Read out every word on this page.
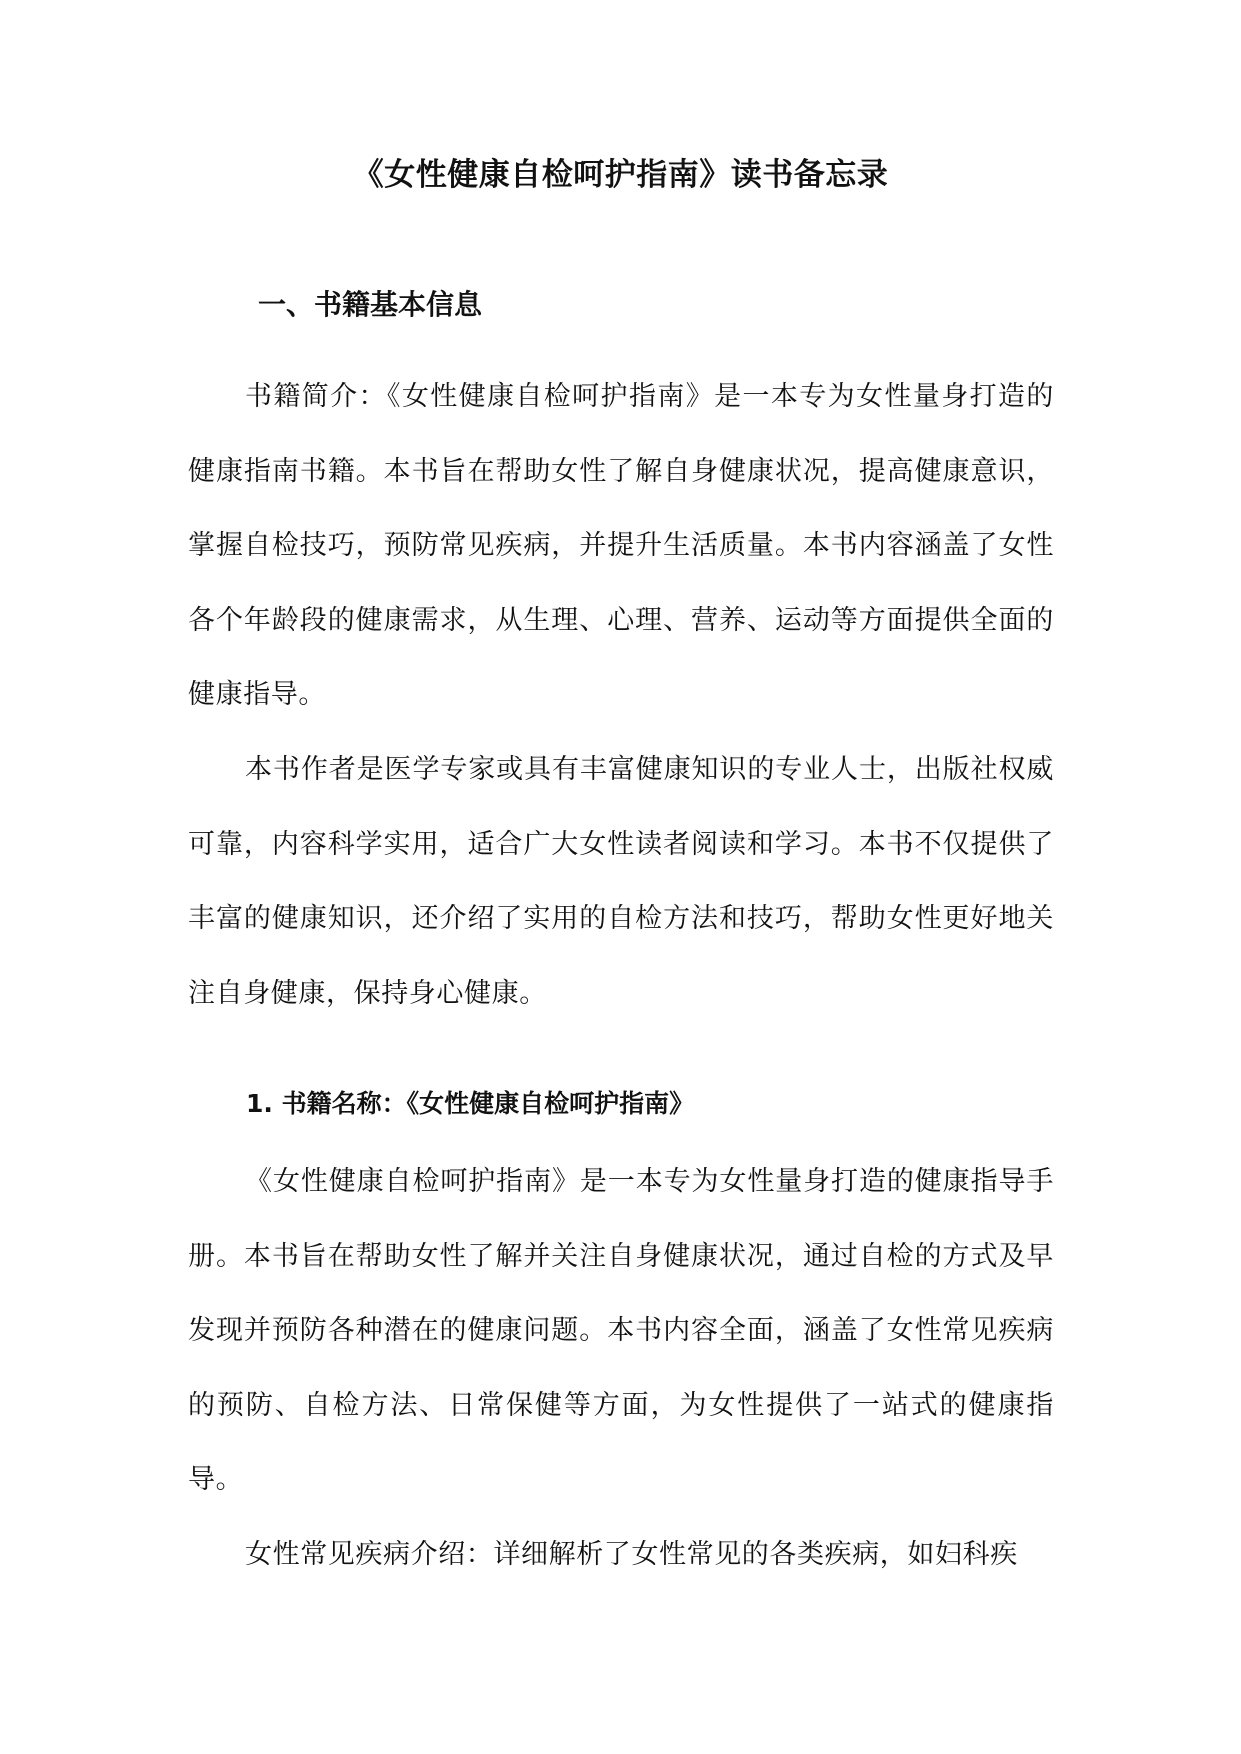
《女性健康自检呵护指南》读书备忘录
一、书籍基本信息

书籍简介：《女性健康自检呵护指南》是一本专为女性量身打造的健康指南书籍。本书旨在帮助女性了解自身健康状况，提高健康意识，掌握自检技巧，预防常见疾病，并提升生活质量。本书内容涵盖了女性各个年龄段的健康需求，从生理、心理、营养、运动等方面提供全面的健康指导。

本书作者是医学专家或具有丰富健康知识的专业人士，出版社权威可靠，内容科学实用，适合广大女性读者阅读和学习。本书不仅提供了丰富的健康知识，还介绍了实用的自检方法和技巧，帮助女性更好地关注自身健康，保持身心健康。

1. 书籍名称：《女性健康自检呵护指南》

《女性健康自检呵护指南》是一本专为女性量身打造的健康指导手册。本书旨在帮助女性了解并关注自身健康状况，通过自检的方式及早发现并预防各种潜在的健康问题。本书内容全面，涵盖了女性常见疾病的预防、自检方法、日常保健等方面，为女性提供了一站式的健康指导。

女性常见疾病介绍：详细解析了女性常见的各类疾病，如妇科疾
